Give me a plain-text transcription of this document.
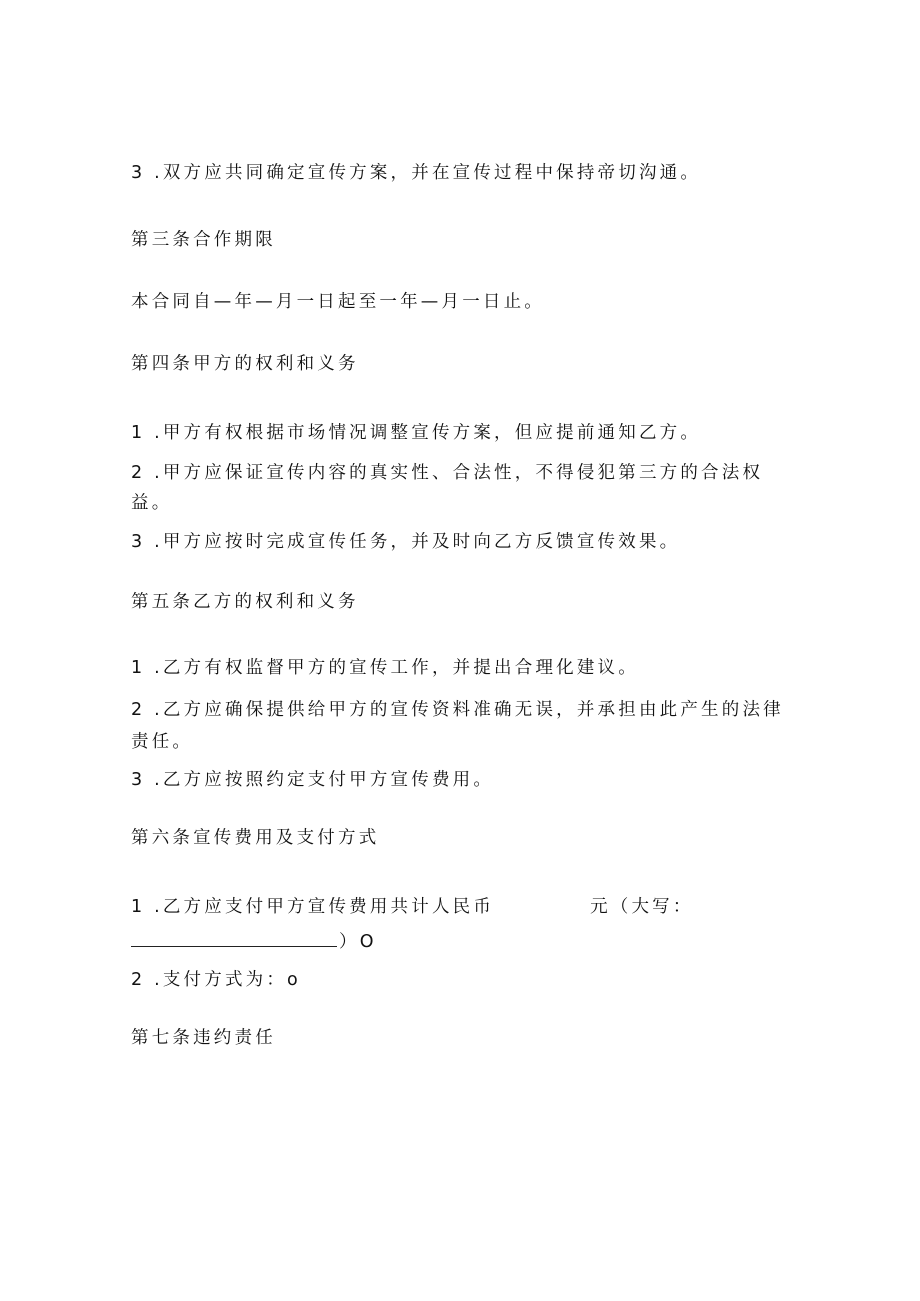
3 .双方应共同确定宣传方案，并在宣传过程中保持帝切沟通。
第三条合作期限
本合同自—年—月一日起至一年—月一日止。
第四条甲方的权利和义务
1 .甲方有权根据市场情况调整宣传方案，但应提前通知乙方。
2 .甲方应保证宣传内容的真实性、合法性，不得侵犯第三方的合法权
益。
3 .甲方应按时完成宣传任务，并及时向乙方反馈宣传效果。
第五条乙方的权利和义务
1 .乙方有权监督甲方的宣传工作，并提出合理化建议。
2 .乙方应确保提供给甲方的宣传资料准确无误，并承担由此产生的法律
责任。
3 .乙方应按照约定支付甲方宣传费用。
第六条宣传费用及支付方式
1 .乙方应支付甲方宣传费用共计人民币	元（大写：
）O
2 .支付方式为：o
第七条违约责任
